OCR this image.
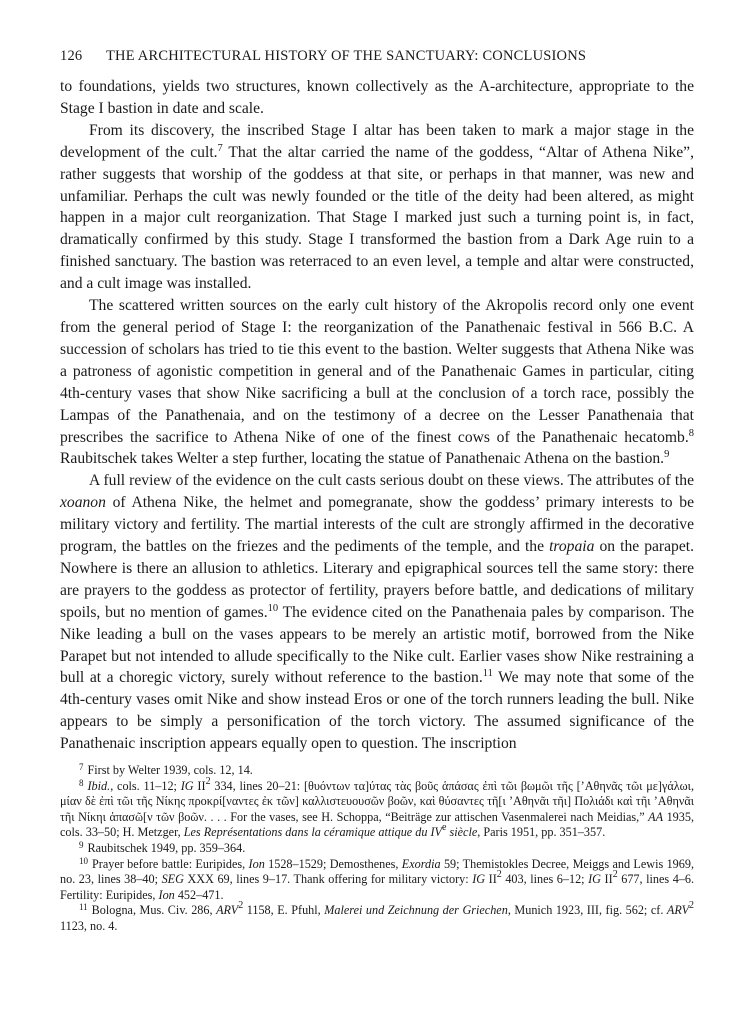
126 THE ARCHITECTURAL HISTORY OF THE SANCTUARY: CONCLUSIONS

to foundations, yields two structures, known collectively as the A-architecture, appropriate to the Stage I bastion in date and scale.

From its discovery, the inscribed Stage I altar has been taken to mark a major stage in the development of the cult.$^7$ That the altar carried the name of the goddess, “Altar of Athena Nike”, rather suggests that worship of the goddess at that site, or perhaps in that manner, was new and unfamiliar. Perhaps the cult was newly founded or the title of the deity had been altered, as might happen in a major cult reorganization. That Stage I marked just such a turning point is, in fact, dramatically confirmed by this study. Stage I transformed the bastion from a Dark Age ruin to a finished sanctuary. The bastion was reterraced to an even level, a temple and altar were constructed, and a cult image was installed.

The scattered written sources on the early cult history of the Akropolis record only one event from the general period of Stage I: the reorganization of the Panathenaic festival in 566 B.C. A succession of scholars has tried to tie this event to the bastion. Welter suggests that Athena Nike was a patroness of agonistic competition in general and of the Panathenaic Games in particular, citing 4th-century vases that show Nike sacrificing a bull at the conclusion of a torch race, possibly the Lampas of the Panathenaia, and on the testimony of a decree on the Lesser Panathenaia that prescribes the sacrifice to Athena Nike of one of the finest cows of the Panathenaic hecatomb.$^8$ Raubitschek takes Welter a step further, locating the statue of Panathenaic Athena on the bastion.$^9$

A full review of the evidence on the cult casts serious doubt on these views. The attributes of the xoanon of Athena Nike, the helmet and pomegranate, show the goddess’ primary interests to be military victory and fertility. The martial interests of the cult are strongly affirmed in the decorative program, the battles on the friezes and the pediments of the temple, and the tropaia on the parapet. Nowhere is there an allusion to athletics. Literary and epigraphical sources tell the same story: there are prayers to the goddess as protector of fertility, prayers before battle, and dedications of military spoils, but no mention of games.$^{10}$ The evidence cited on the Panathenaia pales by comparison. The Nike leading a bull on the vases appears to be merely an artistic motif, borrowed from the Nike Parapet but not intended to allude specifically to the Nike cult. Earlier vases show Nike restraining a bull at a choregic victory, surely without reference to the bastion.$^{11}$ We may note that some of the 4th-century vases omit Nike and show instead Eros or one of the torch runners leading the bull. Nike appears to be simply a personification of the torch victory. The assumed significance of the Panathenaic inscription appears equally open to question. The inscription

$^7$ First by Welter 1939, cols. 12, 14.

$^8$ Ibid., cols. 11–12; IG $II^2$ 334, lines 20–21: [θυόντων τα]ύτας τὰς βοῦς ἁπάσας ἐπὶ τῶι βωμῶι τῆς [’Αθηνᾶς τῶι με]γάλωι, μίαν δὲ ἐπὶ τῶι τῆς Νίκης προκρί[ναντες ἐκ τῶν] καλλιστευουσῶν βοῶν, καὶ θύσαντες τῆ[ι ’Αθηνᾶι τῆι] Πολιάδι καὶ τῆι ’Αθηνᾶι τῆι Νίκηι ἁπασῶ[ν τῶν βοῶν. . . . For the vases, see H. Schoppa, “Beiträge zur attischen Vasenmalerei nach Meidias,” AA 1935, cols. 33–50; H. Metzger, Les Représentations dans la céramique attique du IVe siècle, Paris 1951, pp. 351–357.

$^9$ Raubitschek 1949, pp. 359–364.

$^{10}$ Prayer before battle: Euripides, Ion 1528–1529; Demosthenes, Exordia 59; Themistokles Decree, Meiggs and Lewis 1969, no. 23, lines 38–40; SEG XXX 69, lines 9–17. Thank offering for military victory: IG $II^2$ 403, lines 6–12; IG $II^2$ 677, lines 4–6. Fertility: Euripides, Ion 452–471.

$^{11}$ Bologna, Mus. Civ. 286, ARV$^2$ 1158, E. Pfuhl, Malerei und Zeichnung der Griechen, Munich 1923, III, fig. 562; cf. ARV$^2$ 1123, no. 4.
